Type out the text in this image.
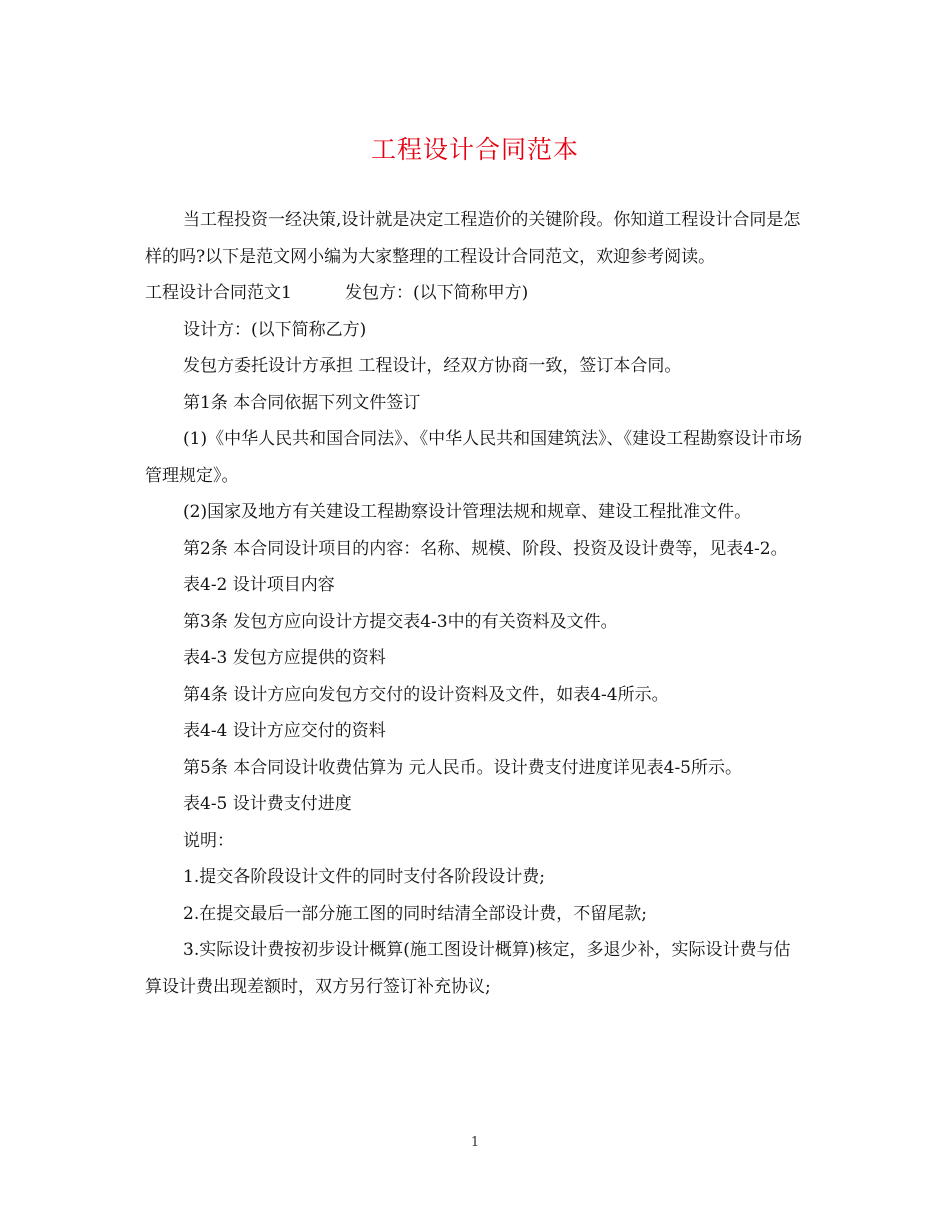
工程设计合同范本

当工程投资一经决策,设计就是决定工程造价的关键阶段。你知道工程设计合同是怎样的吗?以下是范文网小编为大家整理的工程设计合同范文，欢迎参考阅读。

工程设计合同范文1	发包方：(以下简称甲方)

设计方：(以下简称乙方)

发包方委托设计方承担 工程设计，经双方协商一致，签订本合同。

第1条 本合同依据下列文件签订

(1)《中华人民共和国合同法》、《中华人民共和国建筑法》、《建设工程勘察设计市场管理规定》。

(2)国家及地方有关建设工程勘察设计管理法规和规章、建设工程批准文件。

第2条 本合同设计项目的内容：名称、规模、阶段、投资及设计费等，见表4-2。

表4-2 设计项目内容

第3条 发包方应向设计方提交表4-3中的有关资料及文件。

表4-3 发包方应提供的资料

第4条 设计方应向发包方交付的设计资料及文件，如表4-4所示。

表4-4 设计方应交付的资料

第5条 本合同设计收费估算为 元人民币。设计费支付进度详见表4-5所示。

表4-5 设计费支付进度

说明：

1.提交各阶段设计文件的同时支付各阶段设计费;

2.在提交最后一部分施工图的同时结清全部设计费，不留尾款;

3.实际设计费按初步设计概算(施工图设计概算)核定，多退少补，实际设计费与估算设计费出现差额时，双方另行签订补充协议;

1
